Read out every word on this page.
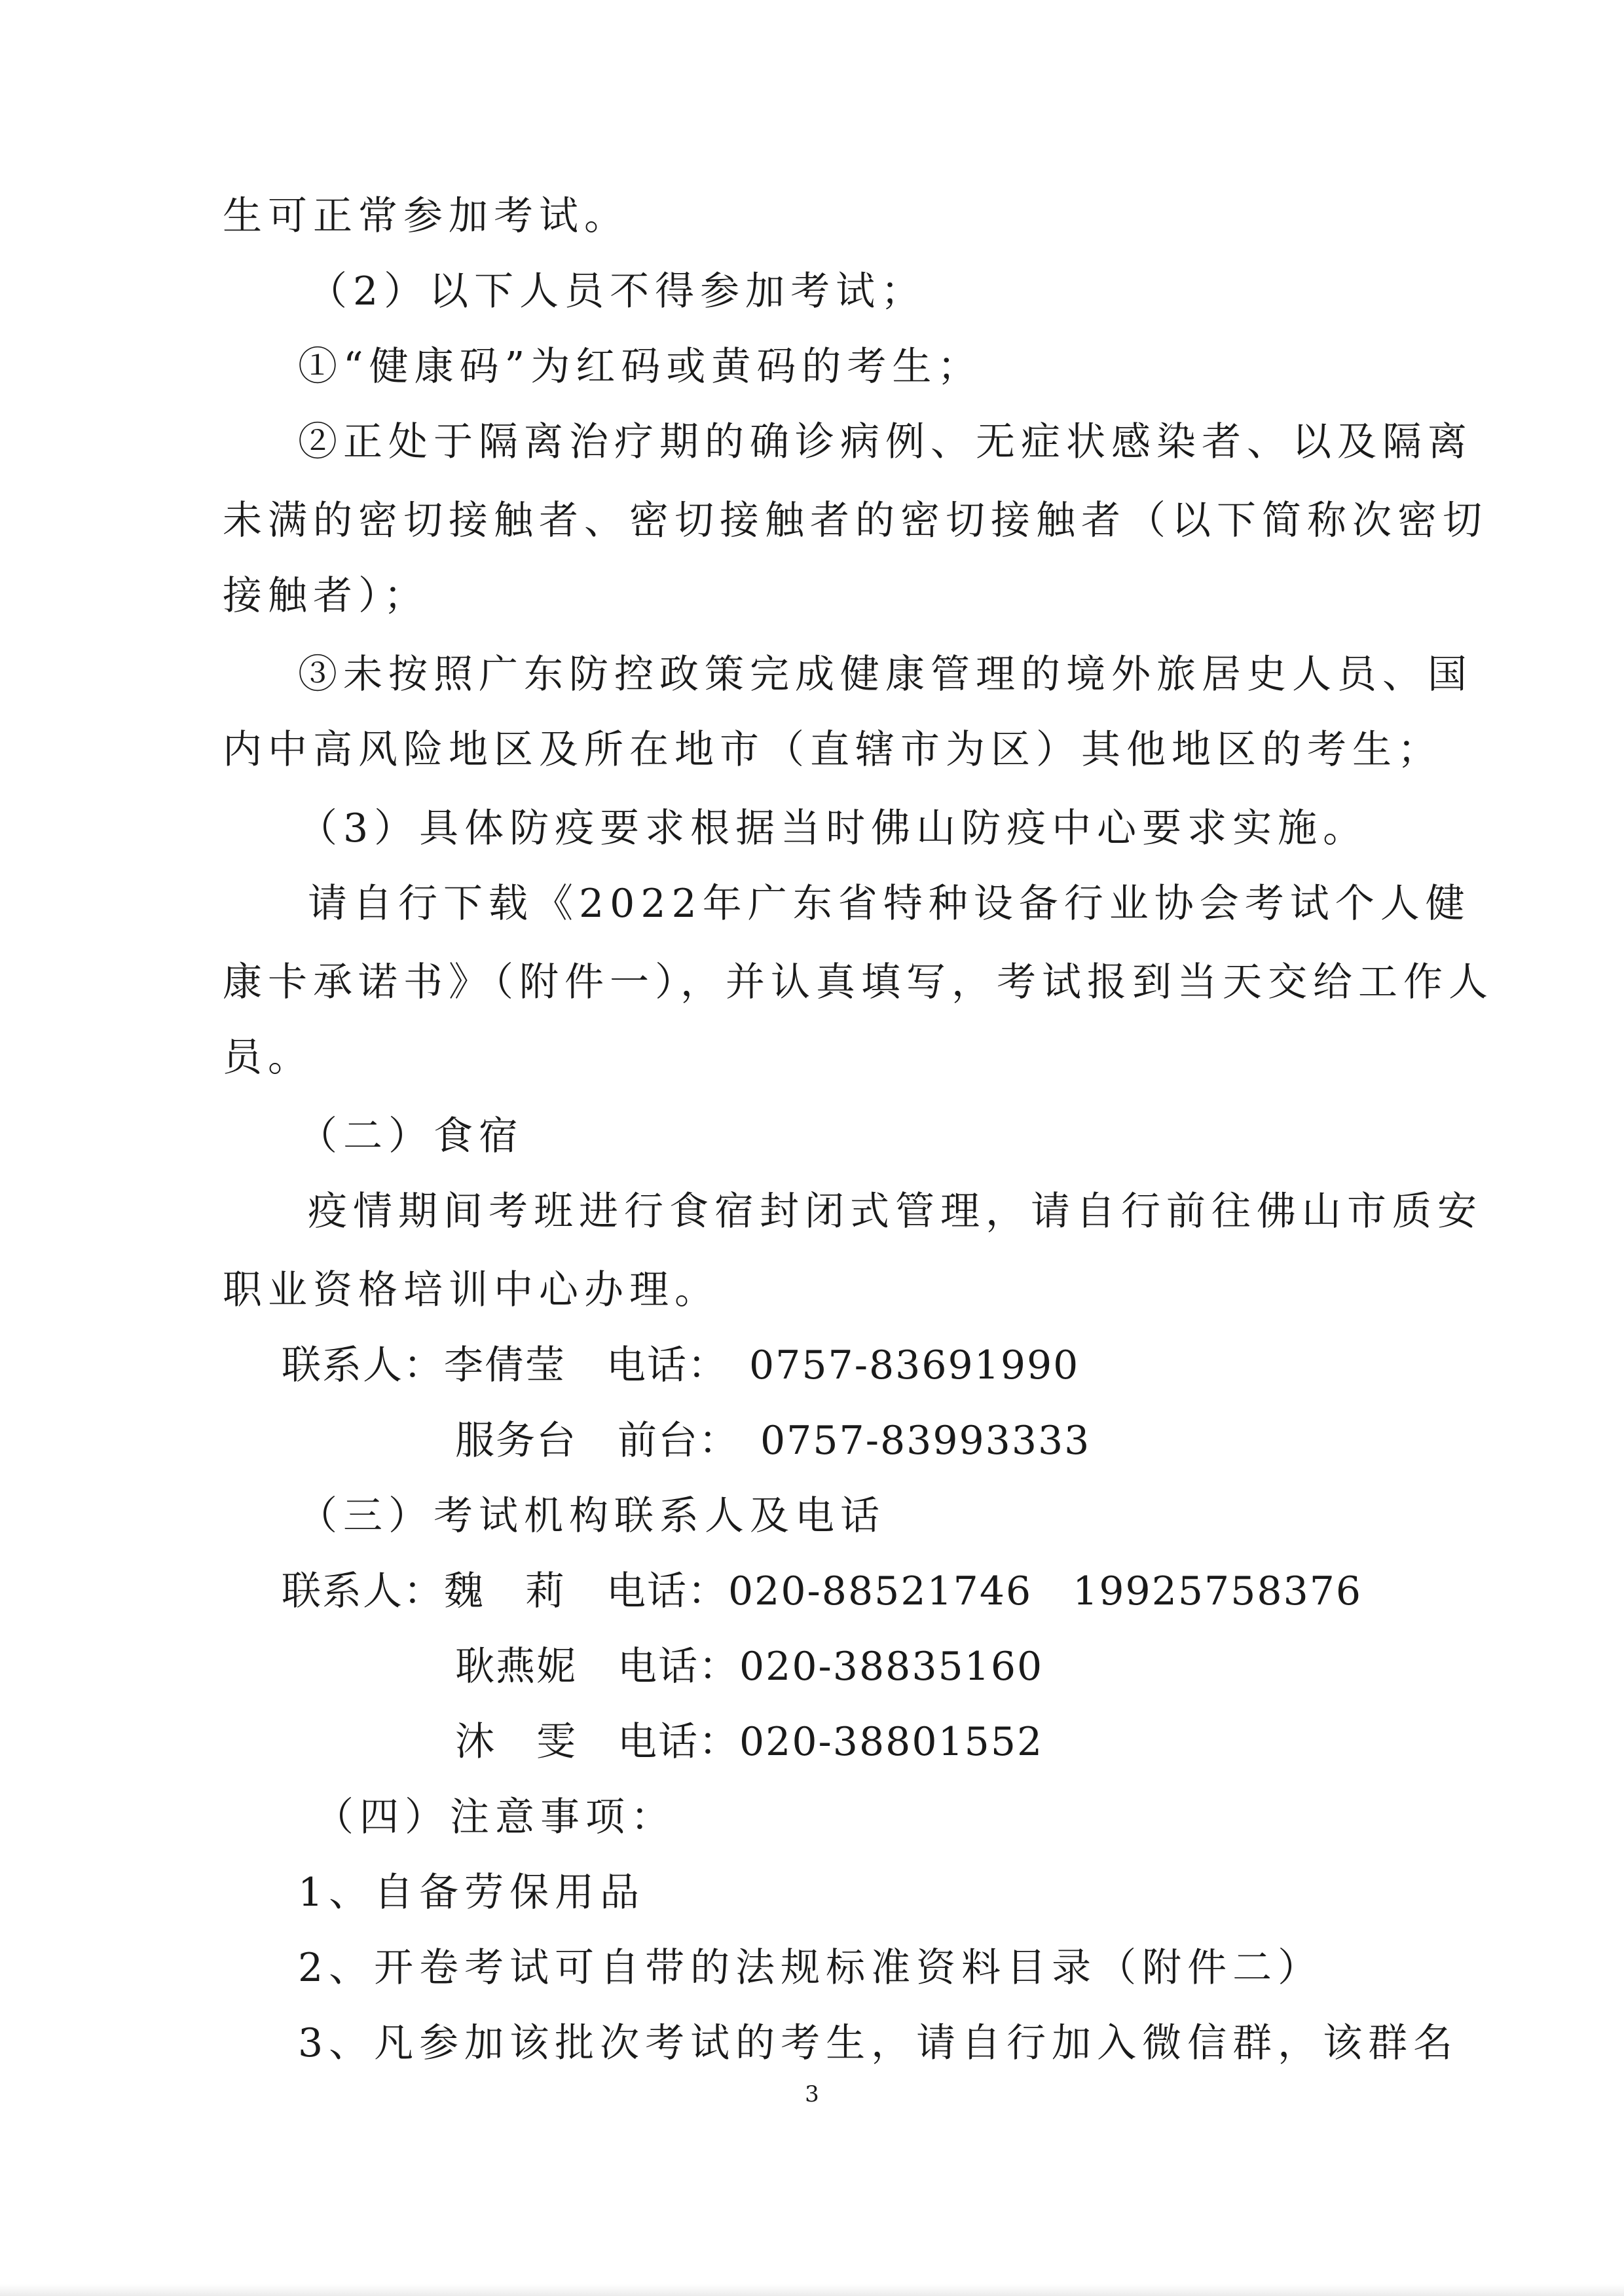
生可正常参加考试。
（2）以下人员不得参加考试；
①“健康码”为红码或黄码的考生；
②正处于隔离治疗期的确诊病例、无症状感染者、以及隔离
未满的密切接触者、密切接触者的密切接触者（以下简称次密切
接触者）；
③未按照广东防控政策完成健康管理的境外旅居史人员、国
内中高风险地区及所在地市（直辖市为区）其他地区的考生；
（3）具体防疫要求根据当时佛山防疫中心要求实施。
请自行下载《2022年广东省特种设备行业协会考试个人健
康卡承诺书》（附件一），并认真填写，考试报到当天交给工作人
员。
（二）食宿
疫情期间考班进行食宿封闭式管理，请自行前往佛山市质安
职业资格培训中心办理。
联系人：李倩莹　电话：　0757-83691990
服务台　前台：　0757-83993333
（三）考试机构联系人及电话
联系人：魏　莉　电话：020-88521746　19925758376
耿燕妮　电话：020-38835160
沐　雯　电话：020-38801552
（四）注意事项：
1、自备劳保用品
2、开卷考试可自带的法规标准资料目录（附件二）
3、凡参加该批次考试的考生，请自行加入微信群，该群名
3
